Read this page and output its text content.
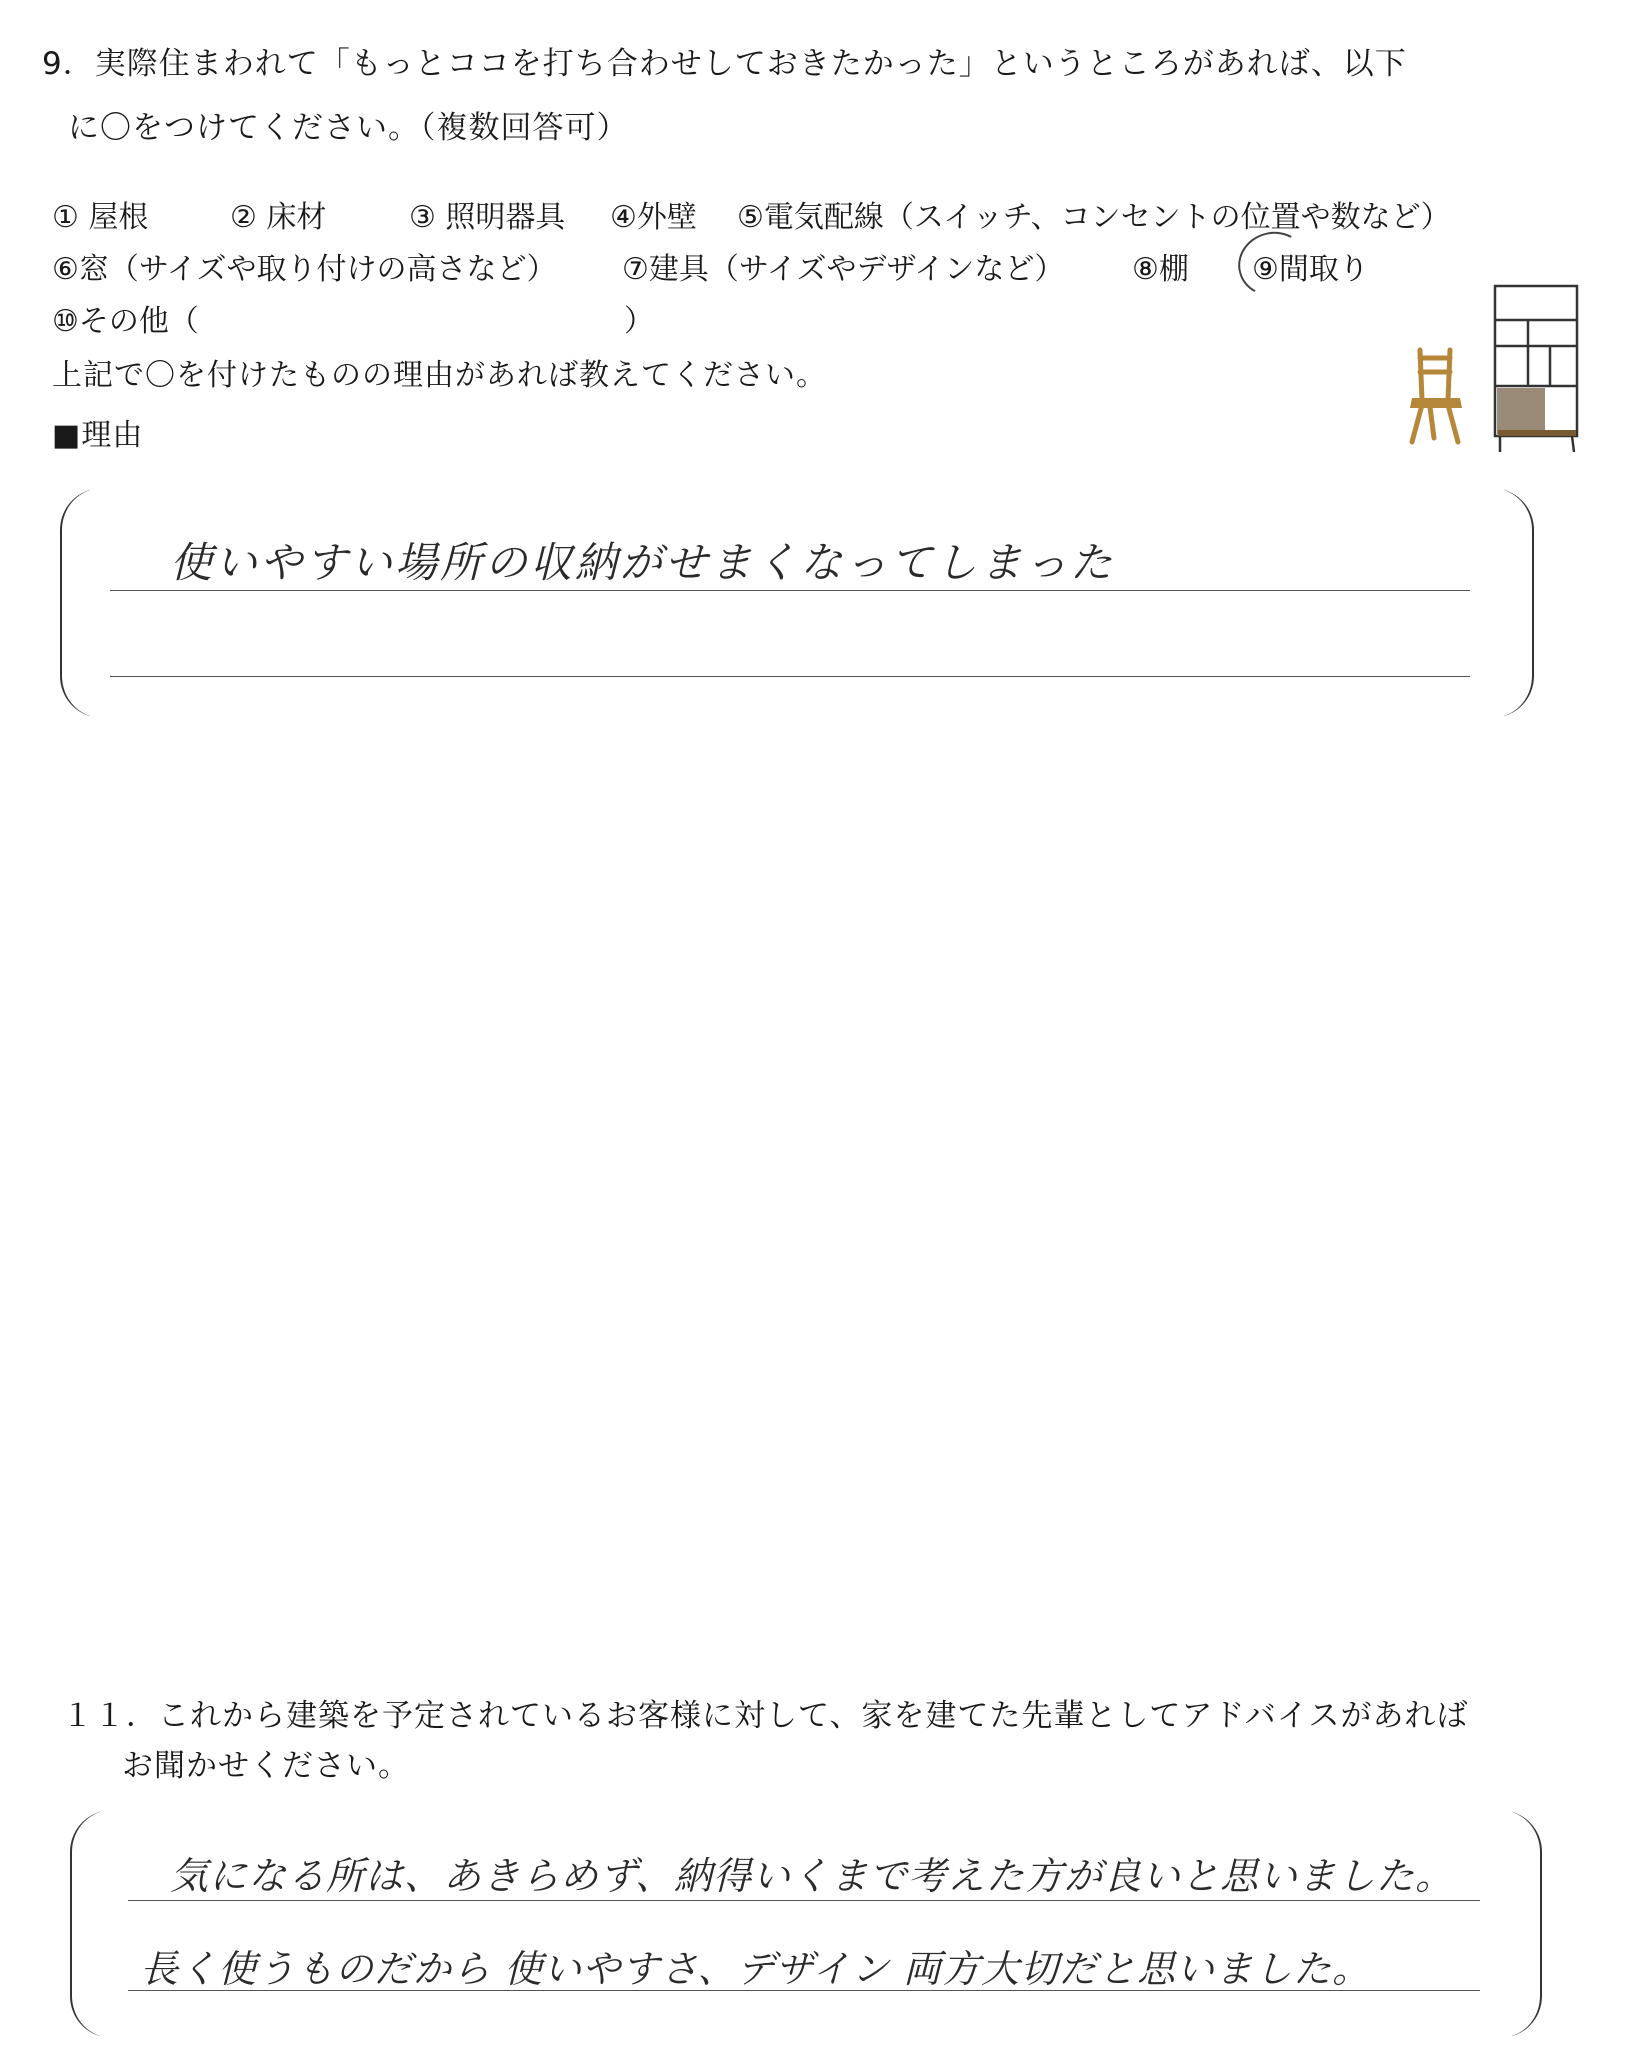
9．実際住まわれて「もっとココを打ち合わせしておきたかった」というところがあれば、以下
に〇をつけてください。（複数回答可）
① 屋根	② 床材	③ 照明器具 ④外壁 ⑤電気配線（スイッチ、コンセントの位置や数など）
⑥窓（サイズや取り付けの高さなど） ⑦建具（サイズやデザインなど） ⑧棚 ⑨間取り
⑩その他（	）
上記で〇を付けたものの理由があれば教えてください。
■理由
使いやすい場所の収納がせまくなってしまった
１１．これから建築を予定されているお客様に対して、家を建てた先輩としてアドバイスがあれば
お聞かせください。
気になる所は、あきらめず、納得いくまで考えた方が良いと思いました。
長く使うものだから 使いやすさ、デザイン 両方大切だと思いました。
